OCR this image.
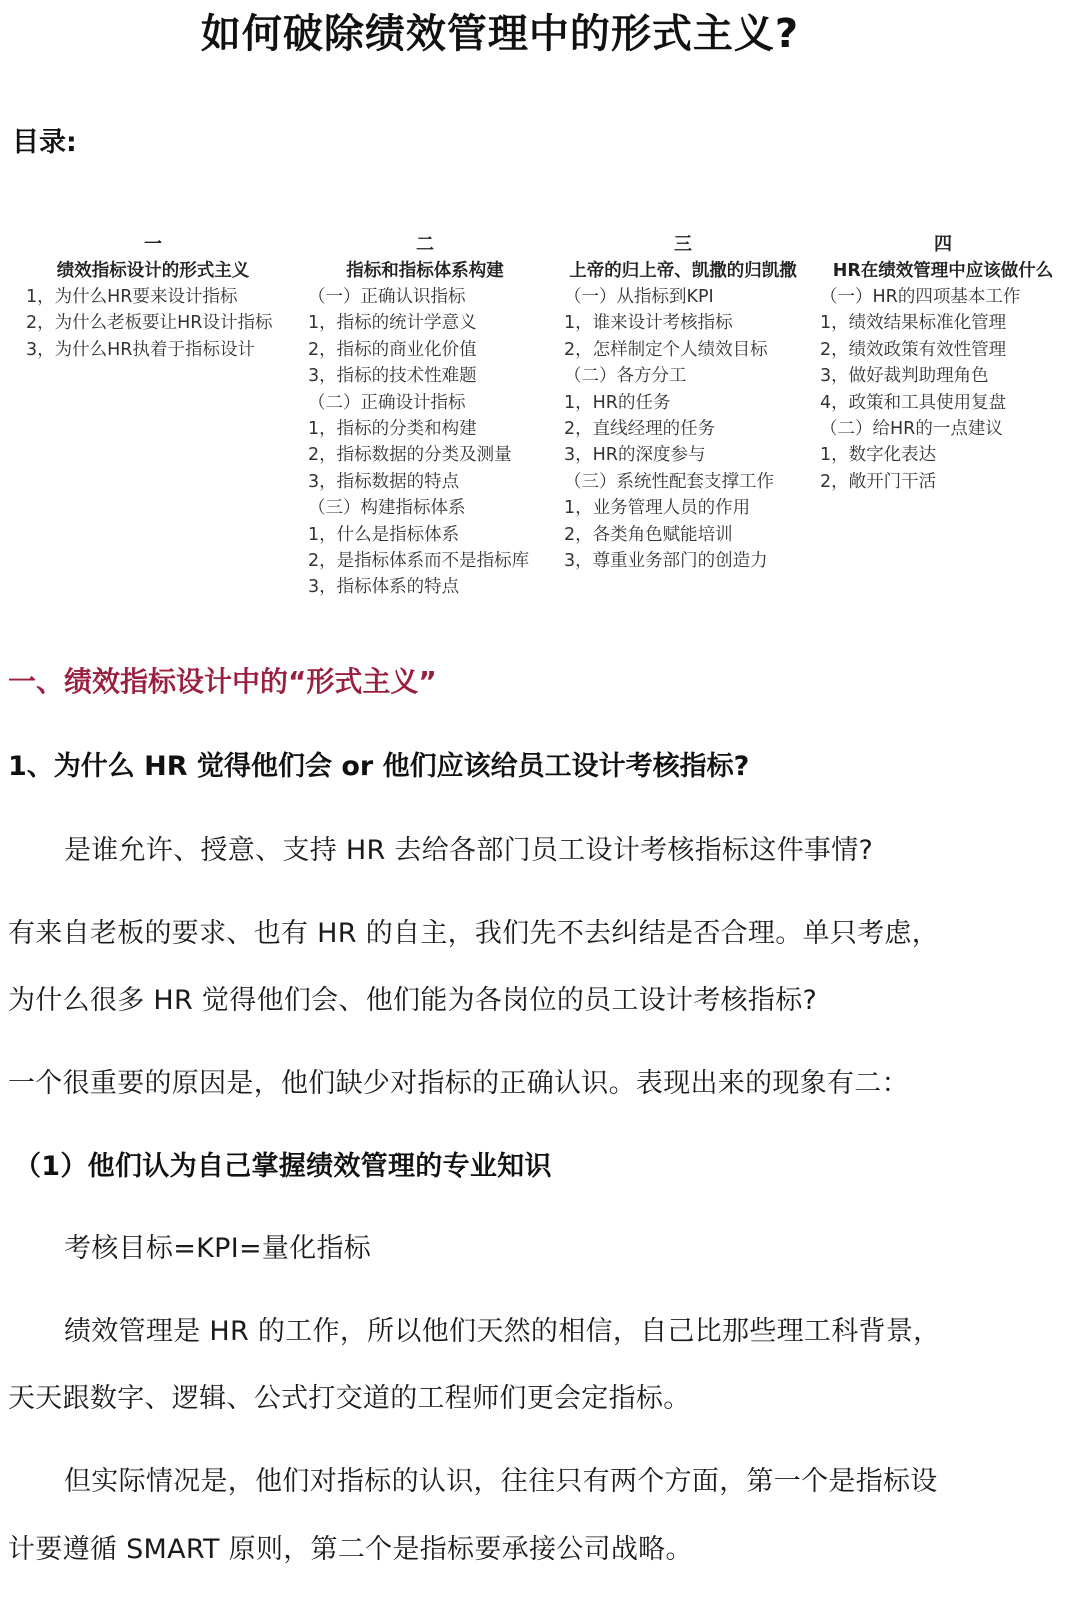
如何破除绩效管理中的形式主义?
目录:
一
绩效指标设计的形式主义
1，为什么HR要来设计指标
2，为什么老板要让HR设计指标
3，为什么HR执着于指标设计
二
指标和指标体系构建
（一）正确认识指标
1，指标的统计学意义
2，指标的商业化价值
3，指标的技术性难题
（二）正确设计指标
1，指标的分类和构建
2，指标数据的分类及测量
3，指标数据的特点
（三）构建指标体系
1，什么是指标体系
2，是指标体系而不是指标库
3，指标体系的特点
三
上帝的归上帝、凯撒的归凯撒
（一）从指标到KPI
1，谁来设计考核指标
2，怎样制定个人绩效目标
（二）各方分工
1，HR的任务
2，直线经理的任务
3，HR的深度参与
（三）系统性配套支撑工作
1，业务管理人员的作用
2，各类角色赋能培训
3，尊重业务部门的创造力
四
HR在绩效管理中应该做什么
（一）HR的四项基本工作
1，绩效结果标准化管理
2，绩效政策有效性管理
3，做好裁判助理角色
4，政策和工具使用复盘
（二）给HR的一点建议
1，数字化表达
2，敞开门干活
一、绩效指标设计中的“形式主义”
1、为什么 HR 觉得他们会 or 他们应该给员工设计考核指标?
是谁允许、授意、支持 HR 去给各部门员工设计考核指标这件事情?
有来自老板的要求、也有 HR 的自主，我们先不去纠结是否合理。单只考虑，
为什么很多 HR 觉得他们会、他们能为各岗位的员工设计考核指标?
一个很重要的原因是，他们缺少对指标的正确认识。表现出来的现象有二：
（1）他们认为自己掌握绩效管理的专业知识
考核目标=KPI=量化指标
绩效管理是 HR 的工作，所以他们天然的相信，自己比那些理工科背景，
天天跟数字、逻辑、公式打交道的工程师们更会定指标。
但实际情况是，他们对指标的认识，往往只有两个方面，第一个是指标设
计要遵循 SMART 原则，第二个是指标要承接公司战略。
